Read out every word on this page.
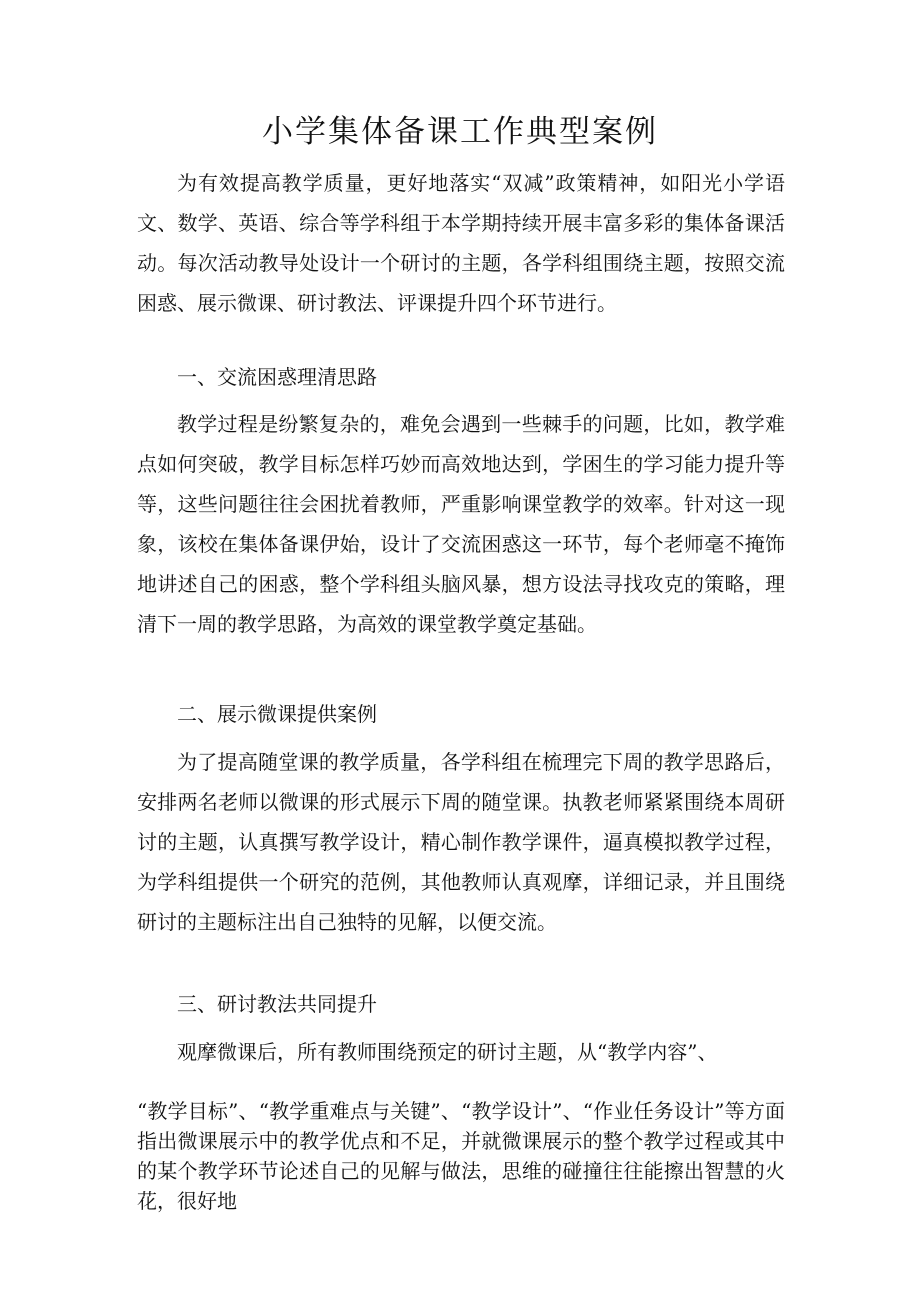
小学集体备课工作典型案例
为有效提高教学质量，更好地落实“双减”政策精神，如阳光小学语文、数学、英语、综合等学科组于本学期持续开展丰富多彩的集体备课活动。每次活动教导处设计一个研讨的主题，各学科组围绕主题，按照交流困惑、展示微课、研讨教法、评课提升四个环节进行。
一、交流困惑理清思路
教学过程是纷繁复杂的，难免会遇到一些棘手的问题，比如，教学难点如何突破，教学目标怎样巧妙而高效地达到，学困生的学习能力提升等等，这些问题往往会困扰着教师，严重影响课堂教学的效率。针对这一现象，该校在集体备课伊始，设计了交流困惑这一环节，每个老师毫不掩饰地讲述自己的困惑，整个学科组头脑风暴，想方设法寻找攻克的策略，理清下一周的教学思路，为高效的课堂教学奠定基础。
二、展示微课提供案例
为了提高随堂课的教学质量，各学科组在梳理完下周的教学思路后，安排两名老师以微课的形式展示下周的随堂课。执教老师紧紧围绕本周研讨的主题，认真撰写教学设计，精心制作教学课件，逼真模拟教学过程，为学科组提供一个研究的范例，其他教师认真观摩，详细记录，并且围绕研讨的主题标注出自己独特的见解，以便交流。
三、研讨教法共同提升
观摩微课后，所有教师围绕预定的研讨主题，从“教学内容”、
“教学目标”、“教学重难点与关键”、“教学设计”、“作业任务设计”等方面指出微课展示中的教学优点和不足，并就微课展示的整个教学过程或其中的某个教学环节论述自己的见解与做法，思维的碰撞往往能擦出智慧的火花，很好地
